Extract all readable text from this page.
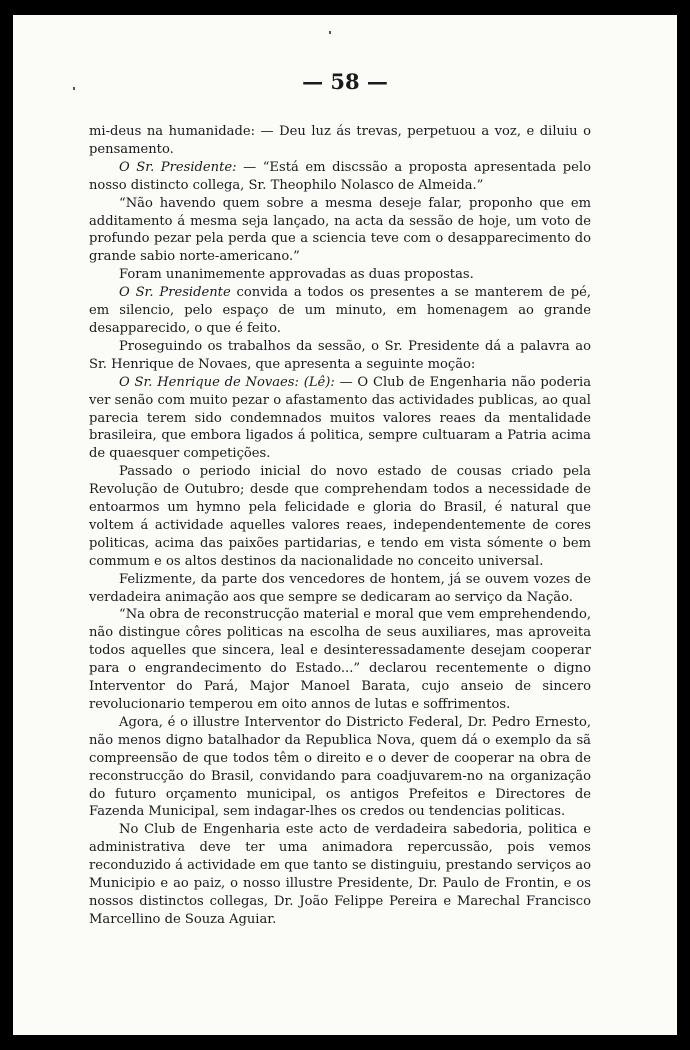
— 58 —

mi-deus na humanidade: — Deu luz ás trevas, perpetuou a voz, e diluiu o pensamento.

O Sr. Presidente: — “Está em discssão a proposta apresentada pelo nosso distincto collega, Sr. Theophilo Nolasco de Almeida.”

“Não havendo quem sobre a mesma deseje falar, proponho que em additamento á mesma seja lançado, na acta da sessão de hoje, um voto de profundo pezar pela perda que a sciencia teve com o desapparecimento do grande sabio norte-americano.”

Foram unanimemente approvadas as duas propostas.

O Sr. Presidente convida a todos os presentes a se manterem de pé, em silencio, pelo espaço de um minuto, em homenagem ao grande desapparecido, o que é feito.

Proseguindo os trabalhos da sessão, o Sr. Presidente dá a palavra ao Sr. Henrique de Novaes, que apresenta a seguinte moção:

O Sr. Henrique de Novaes: (Lê): — O Club de Engenharia não poderia ver senão com muito pezar o afastamento das actividades publicas, ao qual parecia terem sido condemnados muitos valores reaes da mentalidade brasileira, que embora ligados á politica, sempre cultuaram a Patria acima de quaesquer competições.

Passado o periodo inicial do novo estado de cousas criado pela Revolução de Outubro; desde que comprehendam todos a necessidade de entoarmos um hymno pela felicidade e gloria do Brasil, é natural que voltem á actividade aquelles valores reaes, independentemente de cores politicas, acima das paixões partidarias, e tendo em vista sómente o bem commum e os altos destinos da nacionalidade no conceito universal.

Felizmente, da parte dos vencedores de hontem, já se ouvem vozes de verdadeira animação aos que sempre se dedicaram ao serviço da Nação.

“Na obra de reconstrucção material e moral que vem emprehendendo, não distingue côres politicas na escolha de seus auxiliares, mas aproveita todos aquelles que sincera, leal e desinteressadamente desejam cooperar para o engrandecimento do Estado...” declarou recentemente o digno Interventor do Pará, Major Manoel Barata, cujo anseio de sincero revolucionario temperou em oito annos de lutas e soffrimentos.

Agora, é o illustre Interventor do Districto Federal, Dr. Pedro Ernesto, não menos digno batalhador da Republica Nova, quem dá o exemplo da sã compreensão de que todos têm o direito e o dever de cooperar na obra de reconstrucção do Brasil, convidando para coadjuvarem-no na organização do futuro orçamento municipal, os antigos Prefeitos e Directores de Fazenda Municipal, sem indagar-lhes os credos ou tendencias politicas.

No Club de Engenharia este acto de verdadeira sabedoria, politica e administrativa deve ter uma animadora repercussão, pois vemos reconduzido á actividade em que tanto se distinguiu, prestando serviços ao Municipio e ao paiz, o nosso illustre Presidente, Dr. Paulo de Frontin, e os nossos distinctos collegas, Dr. João Felippe Pereira e Marechal Francisco Marcellino de Souza Aguiar.
